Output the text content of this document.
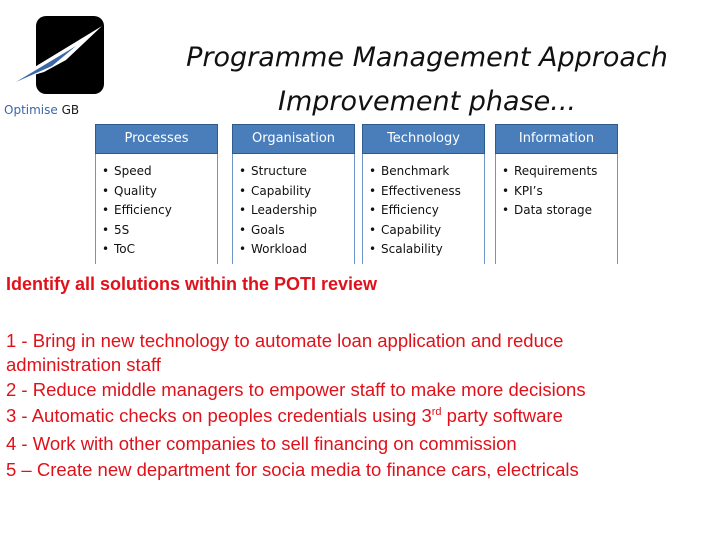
Optimise GB
Programme Management Approach
Improvement phase...
Processes
• Speed
• Quality
• Efficiency
• 5S
• ToC
Organisation
• Structure
• Capability
• Leadership
• Goals
• Workload
Technology
• Benchmark
• Effectiveness
• Efficiency
• Capability
• Scalability
Information
• Requirements
• KPI’s
• Data storage
Identify all solutions within the POTI review
1 - Bring in new technology to automate loan application and reduce
administration staff
2 - Reduce middle managers to empower staff to make more decisions
3 - Automatic checks on peoples credentials using 3rd party software
4 - Work with other companies to sell financing on commission
5 – Create new department for socia media to finance cars, electricals
